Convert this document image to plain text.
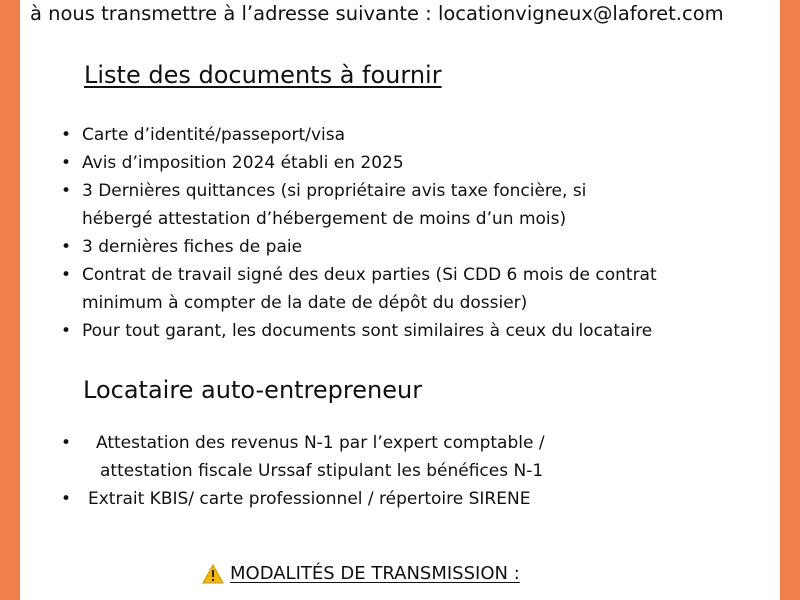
à nous transmettre à l’adresse suivante : locationvigneux@laforet.com
Liste des documents à fournir
• Carte d’identité/passeport/visa
• Avis d’imposition 2024 établi en 2025
• 3 Dernières quittances (si propriétaire avis taxe foncière, si
hébergé attestation d’hébergement de moins d’un mois)
• 3 dernières fiches de paie
• Contrat de travail signé des deux parties (Si CDD 6 mois de contrat
minimum à compter de la date de dépôt du dossier)
• Pour tout garant, les documents sont similaires à ceux du locataire
Locataire auto-entrepreneur
• Attestation des revenus N-1 par l’expert comptable /
attestation fiscale Urssaf stipulant les bénéfices N-1
• Extrait KBIS/ carte professionnel / répertoire SIRENE
MODALITÉS DE TRANSMISSION :
